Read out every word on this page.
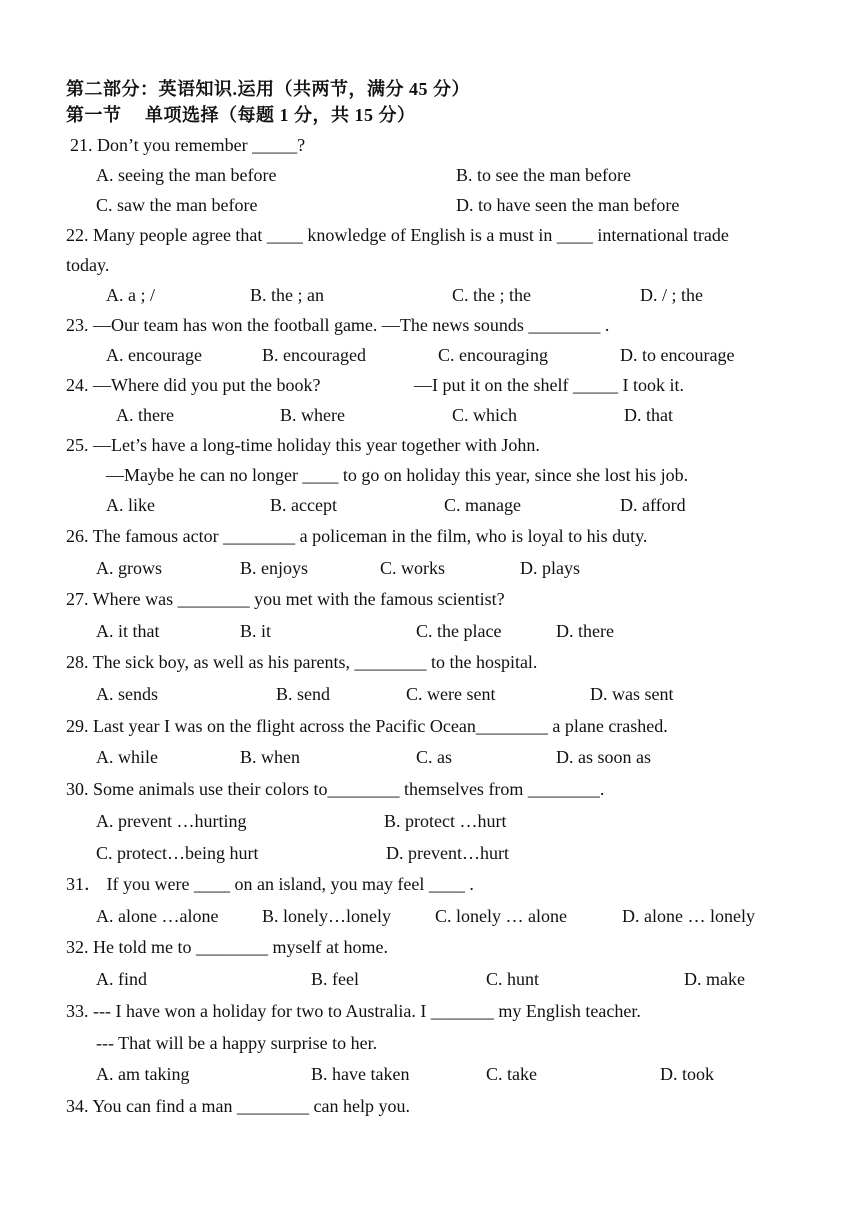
第二部分：英语知识.运用（共两节，满分 45 分）
第一节　 单项选择（每题 1 分，共 15 分）
21. Don’t you remember _____?
A. seeing the man before	B. to see the man before
C. saw the man before	D. to have seen the man before
22. Many people agree that ____ knowledge of English is a must in ____ international trade
today.
A. a ; /	B. the ; an	C. the ; the	D. / ; the
23. —Our team has won the football game. —The news sounds ________ .
A. encourage	B. encouraged	C. encouraging	D. to encourage
24. —Where did you put the book?	—I put it on the shelf _____ I took it.
A. there	B. where	C. which	D. that
25. —Let’s have a long-time holiday this year together with John.
—Maybe he can no longer ____ to go on holiday this year, since she lost his job.
A. like	B. accept	C. manage	D. afford
26. The famous actor ________ a policeman in the film, who is loyal to his duty.
A. grows	B. enjoys	C. works	D. plays
27. Where was ________ you met with the famous scientist?
A. it that	B. it	C. the place	D. there
28. The sick boy, as well as his parents, ________ to the hospital.
A. sends	B. send	C. were sent	D. was sent
29. Last year I was on the flight across the Pacific Ocean________ a plane crashed.
A. while	B. when	C. as	D. as soon as
30. Some animals use their colors to________ themselves from ________.
A. prevent …hurting	B. protect …hurt
C. protect…being hurt	D. prevent…hurt
31． If you were ____ on an island, you may feel ____ .
A. alone …alone B. lonely…lonely C. lonely … alone	D. alone … lonely
32. He told me to ________ myself at home.
A. find	B. feel	C. hunt	D. make
33. --- I have won a holiday for two to Australia. I _______ my English teacher.
--- That will be a happy surprise to her.
A. am taking	B. have taken	C. take	D. took
34. You can find a man ________ can help you.
